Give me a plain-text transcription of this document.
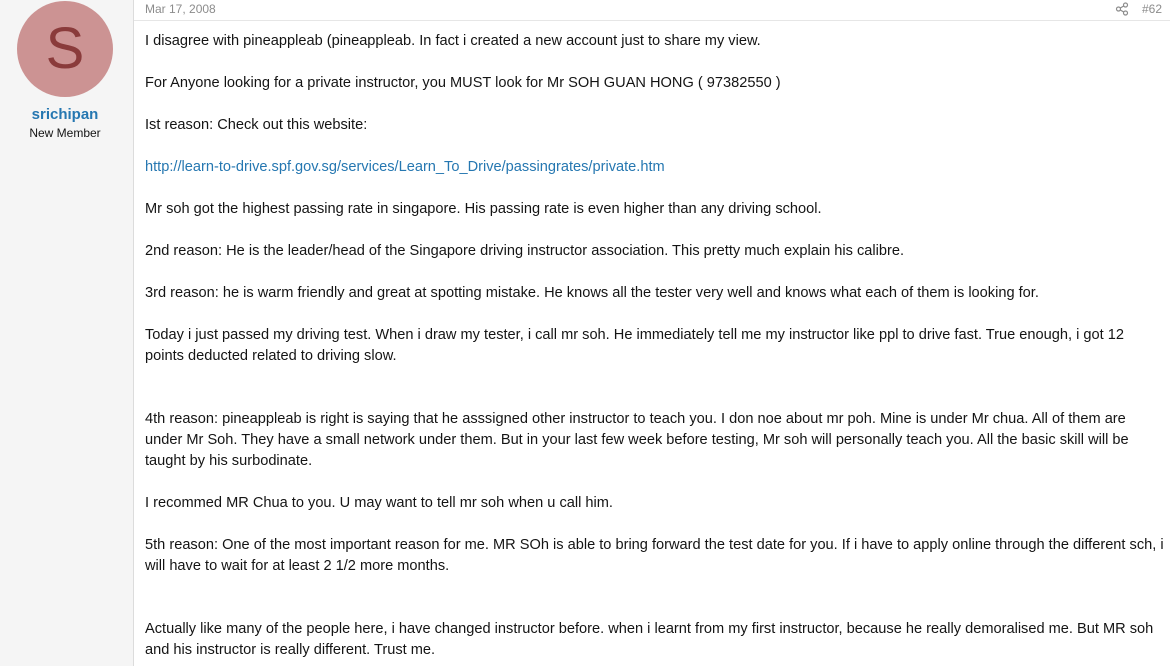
S
srichipan
New Member
Mar 17, 2008	#62

I disagree with pineappleab (pineappleab. In fact i created a new account just to share my view.

For Anyone looking for a private instructor, you MUST look for Mr SOH GUAN HONG ( 97382550 )

Ist reason: Check out this website:

http://learn-to-drive.spf.gov.sg/services/Learn_To_Drive/passingrates/private.htm

Mr soh got the highest passing rate in singapore. His passing rate is even higher than any driving school.

2nd reason: He is the leader/head of the Singapore driving instructor association. This pretty much explain his calibre.

3rd reason: he is warm friendly and great at spotting mistake. He knows all the tester very well and knows what each of them is looking for.

Today i just passed my driving test. When i draw my tester, i call mr soh. He immediately tell me my instructor like ppl to drive fast. True enough, i got 12 points deducted related to driving slow.

4th reason: pineappleab is right is saying that he asssigned other instructor to teach you. I don noe about mr poh. Mine is under Mr chua. All of them are under Mr Soh. They have a small network under them. But in your last few week before testing, Mr soh will personally teach you. All the basic skill will be taught by his surbodinate.

I recommed MR Chua to you. U may want to tell mr soh when u call him.

5th reason: One of the most important reason for me. MR SOh is able to bring forward the test date for you. If i have to apply online through the different sch, i will have to wait for at least 2 1/2 more months.

Actually like many of the people here, i have changed instructor before. when i learnt from my first instructor, because he really demoralised me. But MR soh and his instructor is really different. Trust me.
